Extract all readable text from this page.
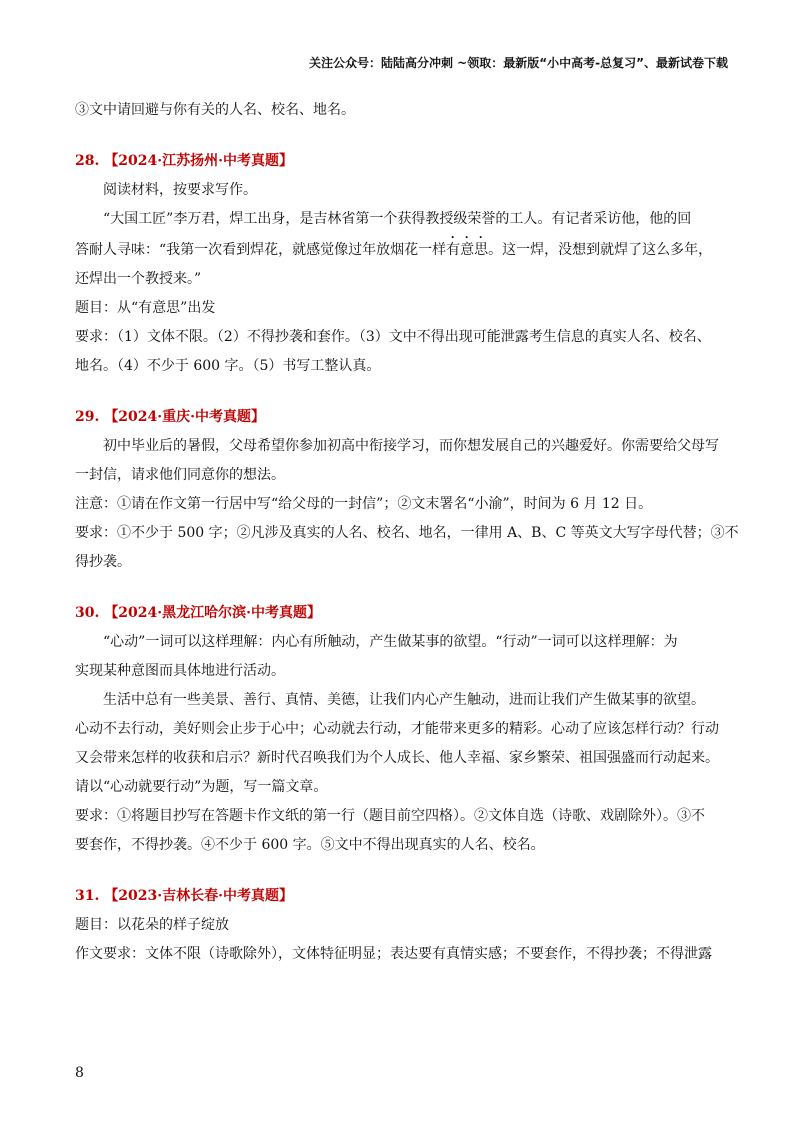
关注公众号：陆陆高分冲刺 ~领取：最新版“小中高考-总复习”、最新试卷下载
③文中请回避与你有关的人名、校名、地名。
28. 【2024·江苏扬州·中考真题】
阅读材料，按要求写作。
“大国工匠”李万君，焊工出身，是吉林省第一个获得教授级荣誉的工人。有记者采访他，他的回
答耐人寻味：“我第一次看到焊花，就感觉像过年放烟花一样有意思。这一焊，没想到就焊了这么多年，
还焊出一个教授来。”
题目：从“有意思”出发
要求：（1）文体不限。（2）不得抄袭和套作。（3）文中不得出现可能泄露考生信息的真实人名、校名、
地名。（4）不少于 600 字。（5）书写工整认真。
29. 【2024·重庆·中考真题】
初中毕业后的暑假，父母希望你参加初高中衔接学习，而你想发展自己的兴趣爱好。你需要给父母写
一封信，请求他们同意你的想法。
注意：①请在作文第一行居中写“给父母的一封信”；②文末署名“小渝”，时间为 6 月 12 日。
要求：①不少于 500 字；②凡涉及真实的人名、校名、地名，一律用 A、B、C 等英文大写字母代替；③不
得抄袭。
30. 【2024·黑龙江哈尔滨·中考真题】
“心动”一词可以这样理解：内心有所触动，产生做某事的欲望。“行动”一词可以这样理解：为
实现某种意图而具体地进行活动。
生活中总有一些美景、善行、真情、美德，让我们内心产生触动，进而让我们产生做某事的欲望。
心动不去行动，美好则会止步于心中；心动就去行动，才能带来更多的精彩。心动了应该怎样行动？行动
又会带来怎样的收获和启示？新时代召唤我们为个人成长、他人幸福、家乡繁荣、祖国强盛而行动起来。
请以“心动就要行动”为题，写一篇文章。
要求：①将题目抄写在答题卡作文纸的第一行（题目前空四格）。②文体自选（诗歌、戏剧除外）。③不
要套作，不得抄袭。④不少于 600 字。⑤文中不得出现真实的人名、校名。
31. 【2023·吉林长春·中考真题】
题目：以花朵的样子绽放
作文要求：文体不限（诗歌除外），文体特征明显；表达要有真情实感；不要套作，不得抄袭；不得泄露
8
